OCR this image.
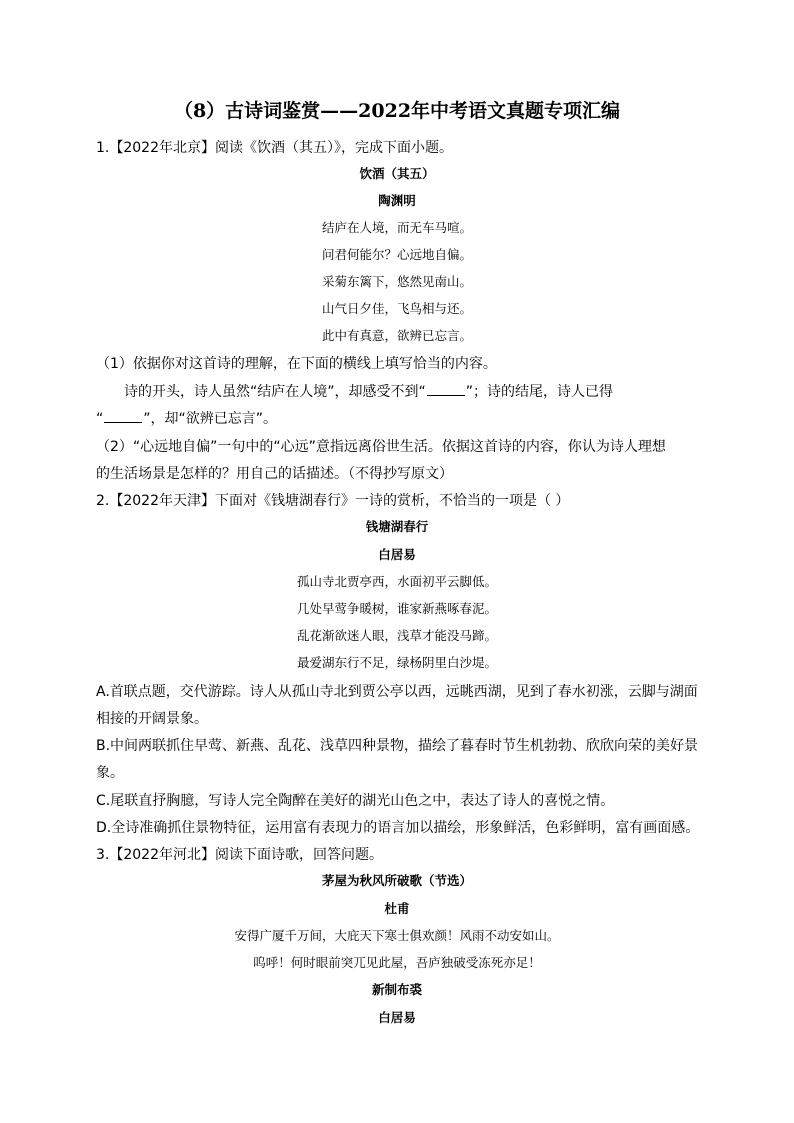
（8）古诗词鉴赏——2022年中考语文真题专项汇编
1.【2022年北京】阅读《饮酒（其五）》，完成下面小题。
饮酒（其五）
陶渊明
结庐在人境，而无车马喧。
问君何能尔？心远地自偏。
采菊东篱下，悠然见南山。
山气日夕佳，飞鸟相与还。
此中有真意，欲辨已忘言。
（1）依据你对这首诗的理解，在下面的横线上填写恰当的内容。
诗的开头，诗人虽然“结庐在人境”，却感受不到“	”；诗的结尾，诗人已得
“	”，却“欲辨已忘言”。
（2）“心远地自偏”一句中的“心远”意指远离俗世生活。依据这首诗的内容，你认为诗人理想
的生活场景是怎样的？用自己的话描述。（不得抄写原文）
2.【2022年天津】下面对《钱塘湖春行》一诗的赏析，不恰当的一项是（ ）
钱塘湖春行
白居易
孤山寺北贾亭西，水面初平云脚低。
几处早莺争暖树，谁家新燕啄春泥。
乱花渐欲迷人眼，浅草才能没马蹄。
最爱湖东行不足，绿杨阴里白沙堤。
A.首联点题，交代游踪。诗人从孤山寺北到贾公亭以西，远眺西湖，见到了春水初涨，云脚与湖面
相接的开阔景象。
B.中间两联抓住早莺、新燕、乱花、浅草四种景物，描绘了暮春时节生机勃勃、欣欣向荣的美好景
象。
C.尾联直抒胸臆，写诗人完全陶醉在美好的湖光山色之中，表达了诗人的喜悦之情。
D.全诗准确抓住景物特征，运用富有表现力的语言加以描绘，形象鲜活，色彩鲜明，富有画面感。
3.【2022年河北】阅读下面诗歌，回答问题。
茅屋为秋风所破歌（节选）
杜甫
安得广厦千万间，大庇天下寒士俱欢颜！风雨不动安如山。
呜呼！何时眼前突兀见此屋，吾庐独破受冻死亦足！
新制布裘
白居易
